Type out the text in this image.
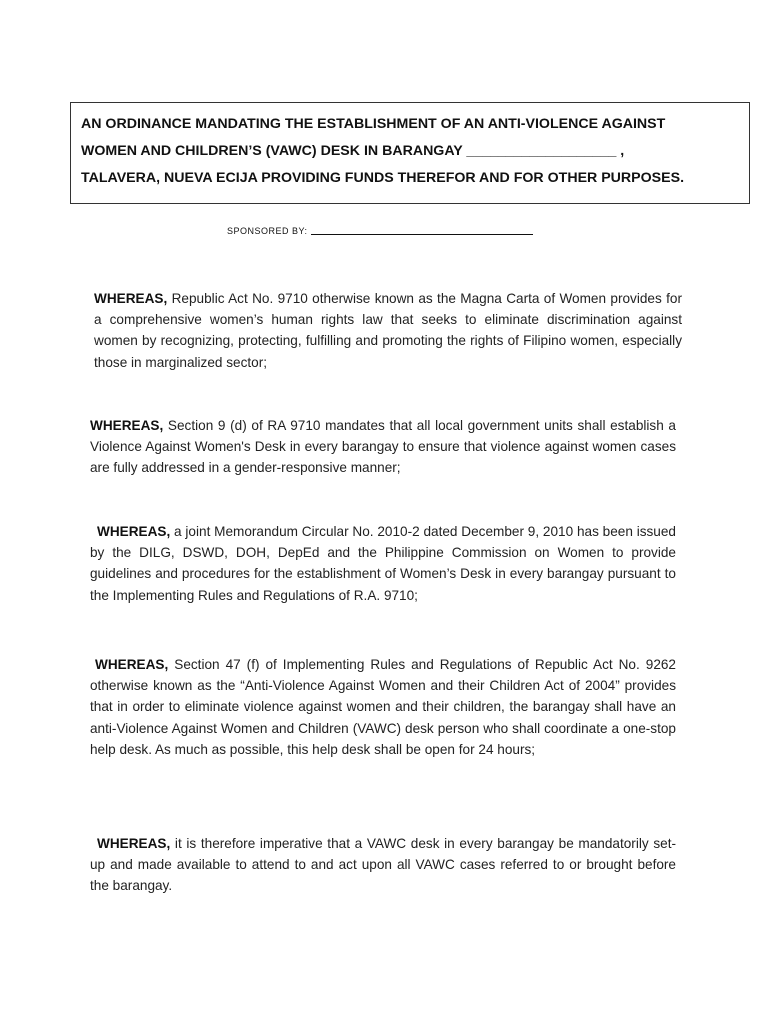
AN ORDINANCE MANDATING THE ESTABLISHMENT OF AN ANTI-VIOLENCE AGAINST
WOMEN AND CHILDREN’S (VAWC) DESK IN BARANGAY ___________________ ,
TALAVERA, NUEVA ECIJA PROVIDING FUNDS THEREFOR AND FOR OTHER PURPOSES.
SPONSORED BY:

WHEREAS, Republic Act No. 9710 otherwise known as the Magna Carta of Women provides for a comprehensive women’s human rights law that seeks to eliminate discrimination against women by recognizing, protecting, fulfilling and promoting the rights of Filipino women, especially those in marginalized sector;

WHEREAS, Section 9 (d) of RA 9710 mandates that all local government units shall establish a Violence Against Women's Desk in every barangay to ensure that violence against women cases are fully addressed in a gender-responsive manner;

WHEREAS, a joint Memorandum Circular No. 2010-2 dated December 9, 2010 has been issued by the DILG, DSWD, DOH, DepEd and the Philippine Commission on Women to provide guidelines and procedures for the establishment of Women’s Desk in every barangay pursuant to the Implementing Rules and Regulations of R.A. 9710;

WHEREAS, Section 47 (f) of Implementing Rules and Regulations of Republic Act No. 9262 otherwise known as the “Anti-Violence Against Women and their Children Act of 2004” provides that in order to eliminate violence against women and their children, the barangay shall have an anti-Violence Against Women and Children (VAWC) desk person who shall coordinate a one-stop help desk. As much as possible, this help desk shall be open for 24 hours;

WHEREAS, it is therefore imperative that a VAWC desk in every barangay be mandatorily set-up and made available to attend to and act upon all VAWC cases referred to or brought before the barangay.
